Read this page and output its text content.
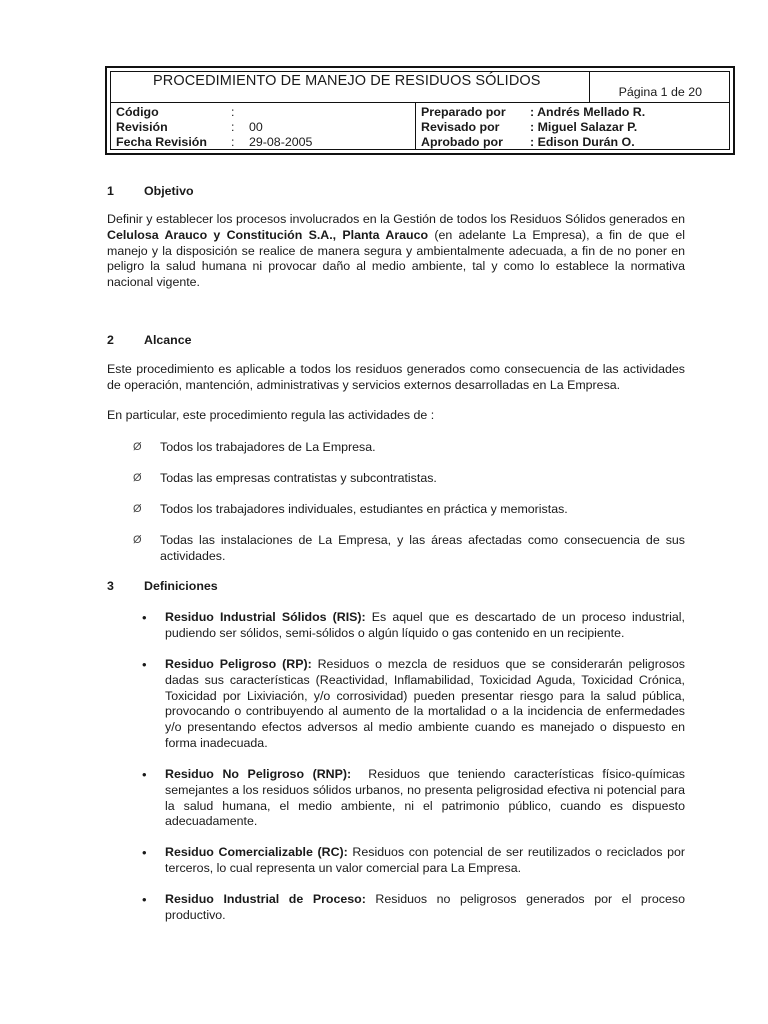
PROCEDIMIENTO DE MANEJO DE RESIDUOS SÓLIDOS
Página 1 de 20
Código	:
Revisión	: 00
Fecha Revisión : 29-08-2005
Preparado por : Andrés Mellado R.
Revisado por : Miguel Salazar P.
Aprobado por : Edison Durán O.
1 Objetivo
Definir y establecer los procesos involucrados en la Gestión de todos los Residuos Sólidos generados en Celulosa Arauco y Constitución S.A., Planta Arauco (en adelante La Empresa), a fin de que el manejo y la disposición se realice de manera segura y ambientalmente adecuada, a fin de no poner en peligro la salud humana ni provocar daño al medio ambiente, tal y como lo establece la normativa nacional vigente.
2 Alcance
Este procedimiento es aplicable a todos los residuos generados como consecuencia de las actividades de operación, mantención, administrativas y servicios externos desarrolladas en La Empresa.
En particular, este procedimiento regula las actividades de :
Ø Todos los trabajadores de La Empresa.
Ø Todas las empresas contratistas y subcontratistas.
Ø Todos los trabajadores individuales, estudiantes en práctica y memoristas.
Ø Todas las instalaciones de La Empresa, y las áreas afectadas como consecuencia de sus actividades.
3 Definiciones
• Residuo Industrial Sólidos (RIS): Es aquel que es descartado de un proceso industrial, pudiendo ser sólidos, semi-sólidos o algún líquido o gas contenido en un recipiente.
• Residuo Peligroso (RP): Residuos o mezcla de residuos que se considerarán peligrosos dadas sus características (Reactividad, Inflamabilidad, Toxicidad Aguda, Toxicidad Crónica, Toxicidad por Lixiviación, y/o corrosividad) pueden presentar riesgo para la salud pública, provocando o contribuyendo al aumento de la mortalidad o a la incidencia de enfermedades y/o presentando efectos adversos al medio ambiente cuando es manejado o dispuesto en forma inadecuada.
• Residuo No Peligroso (RNP):  Residuos que teniendo características físico-químicas semejantes a los residuos sólidos urbanos, no presenta peligrosidad efectiva ni potencial para la salud humana, el medio ambiente, ni el patrimonio público, cuando es dispuesto adecuadamente.
• Residuo Comercializable (RC): Residuos con potencial de ser reutilizados o reciclados por terceros, lo cual representa un valor comercial para La Empresa.
• Residuo Industrial de Proceso: Residuos no peligrosos generados por el proceso productivo.
